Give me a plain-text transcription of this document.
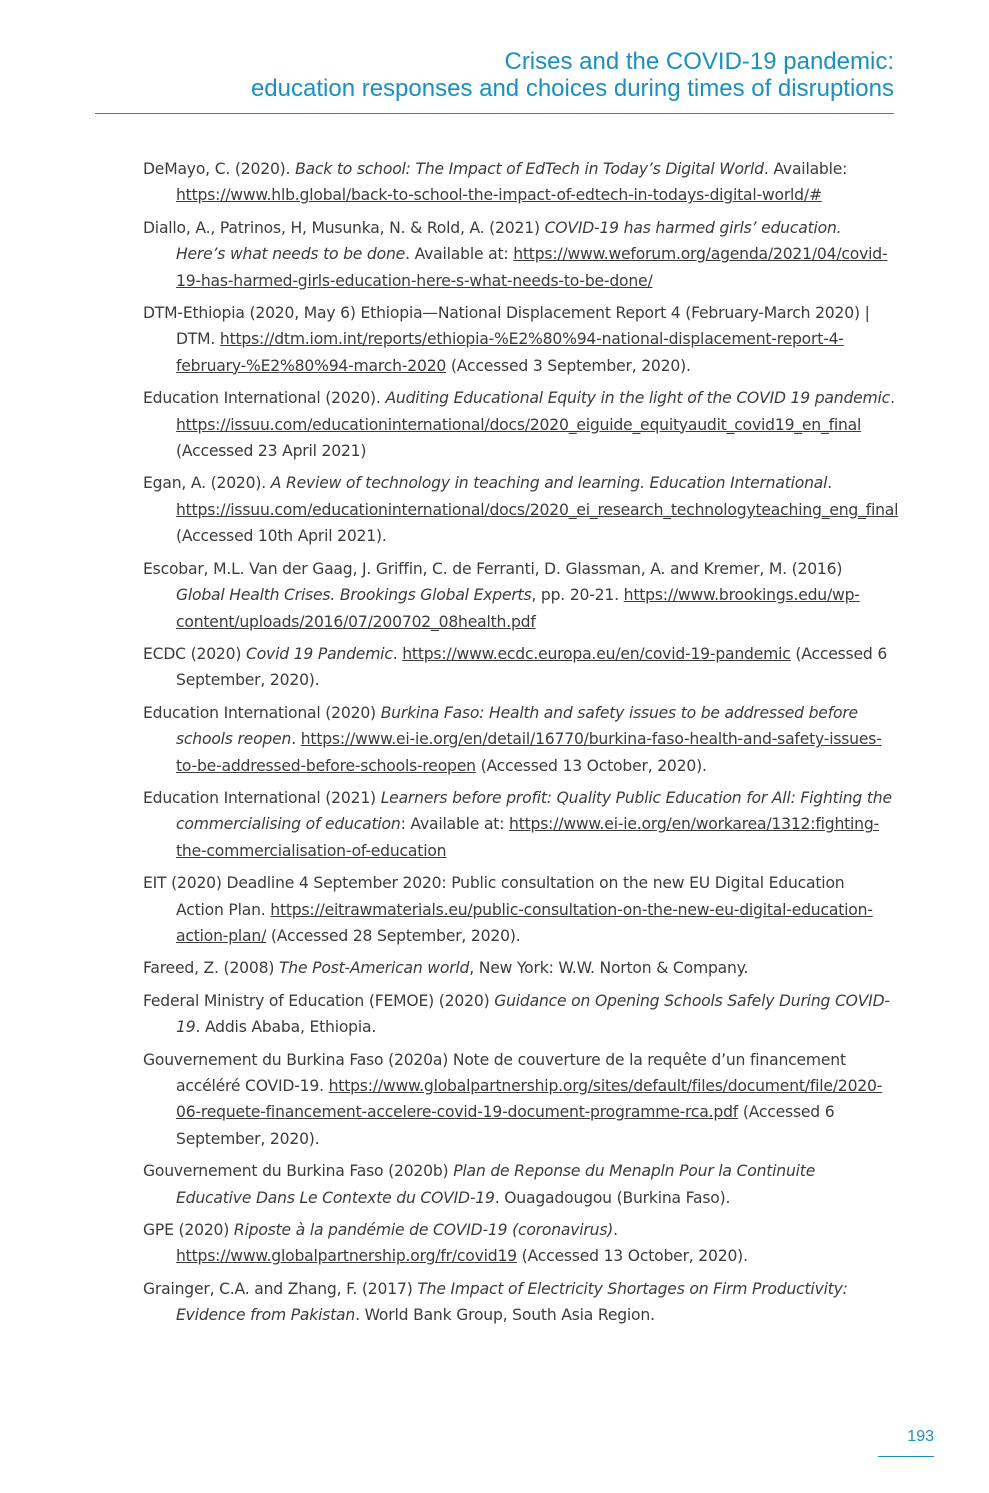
Crises and the COVID-19 pandemic:
education responses and choices during times of disruptions

DeMayo, C. (2020). Back to school: The Impact of EdTech in Today’s Digital World. Available: https://www.hlb.global/back-to-school-the-impact-of-edtech-in-todays-digital-world/#

Diallo, A., Patrinos, H, Musunka, N. & Rold, A. (2021) COVID-19 has harmed girls’ education. Here’s what needs to be done. Available at: https://www.weforum.org/agenda/2021/04/covid-19-has-harmed-girls-education-here-s-what-needs-to-be-done/

DTM-Ethiopia (2020, May 6) Ethiopia—National Displacement Report 4 (February-March 2020) | DTM. https://dtm.iom.int/reports/ethiopia-%E2%80%94-national-displacement-report-4-february-%E2%80%94-march-2020 (Accessed 3 September, 2020).

Education International (2020). Auditing Educational Equity in the light of the COVID 19 pandemic. https://issuu.com/educationinternational/docs/2020_eiguide_equityaudit_covid19_en_final (Accessed 23 April 2021)

Egan, A. (2020). A Review of technology in teaching and learning. Education International. https://issuu.com/educationinternational/docs/2020_ei_research_technologyteaching_eng_final (Accessed 10th April 2021).

Escobar, M.L. Van der Gaag, J. Griffin, C. de Ferranti, D. Glassman, A. and Kremer, M. (2016) Global Health Crises. Brookings Global Experts, pp. 20-21. https://www.brookings.edu/wp-content/uploads/2016/07/200702_08health.pdf

ECDC (2020) Covid 19 Pandemic. https://www.ecdc.europa.eu/en/covid-19-pandemic (Accessed 6 September, 2020).

Education International (2020) Burkina Faso: Health and safety issues to be addressed before schools reopen. https://www.ei-ie.org/en/detail/16770/burkina-faso-health-and-safety-issues-to-be-addressed-before-schools-reopen (Accessed 13 October, 2020).

Education International (2021) Learners before profit: Quality Public Education for All: Fighting the commercialising of education: Available at: https://www.ei-ie.org/en/workarea/1312:fighting-the-commercialisation-of-education

EIT (2020) Deadline 4 September 2020: Public consultation on the new EU Digital Education Action Plan. https://eitrawmaterials.eu/public-consultation-on-the-new-eu-digital-education-action-plan/ (Accessed 28 September, 2020).

Fareed, Z. (2008) The Post-American world, New York: W.W. Norton & Company.

Federal Ministry of Education (FEMOE) (2020) Guidance on Opening Schools Safely During COVID-19. Addis Ababa, Ethiopia.

Gouvernement du Burkina Faso (2020a) Note de couverture de la requête d’un financement accéléré COVID-19. https://www.globalpartnership.org/sites/default/files/document/file/2020-06-requete-financement-accelere-covid-19-document-programme-rca.pdf (Accessed 6 September, 2020).

Gouvernement du Burkina Faso (2020b) Plan de Reponse du Menapln Pour la Continuite Educative Dans Le Contexte du COVID-19. Ouagadougou (Burkina Faso).

GPE (2020) Riposte à la pandémie de COVID-19 (coronavirus). https://www.globalpartnership.org/fr/covid19 (Accessed 13 October, 2020).

Grainger, C.A. and Zhang, F. (2017) The Impact of Electricity Shortages on Firm Productivity: Evidence from Pakistan. World Bank Group, South Asia Region.

193
